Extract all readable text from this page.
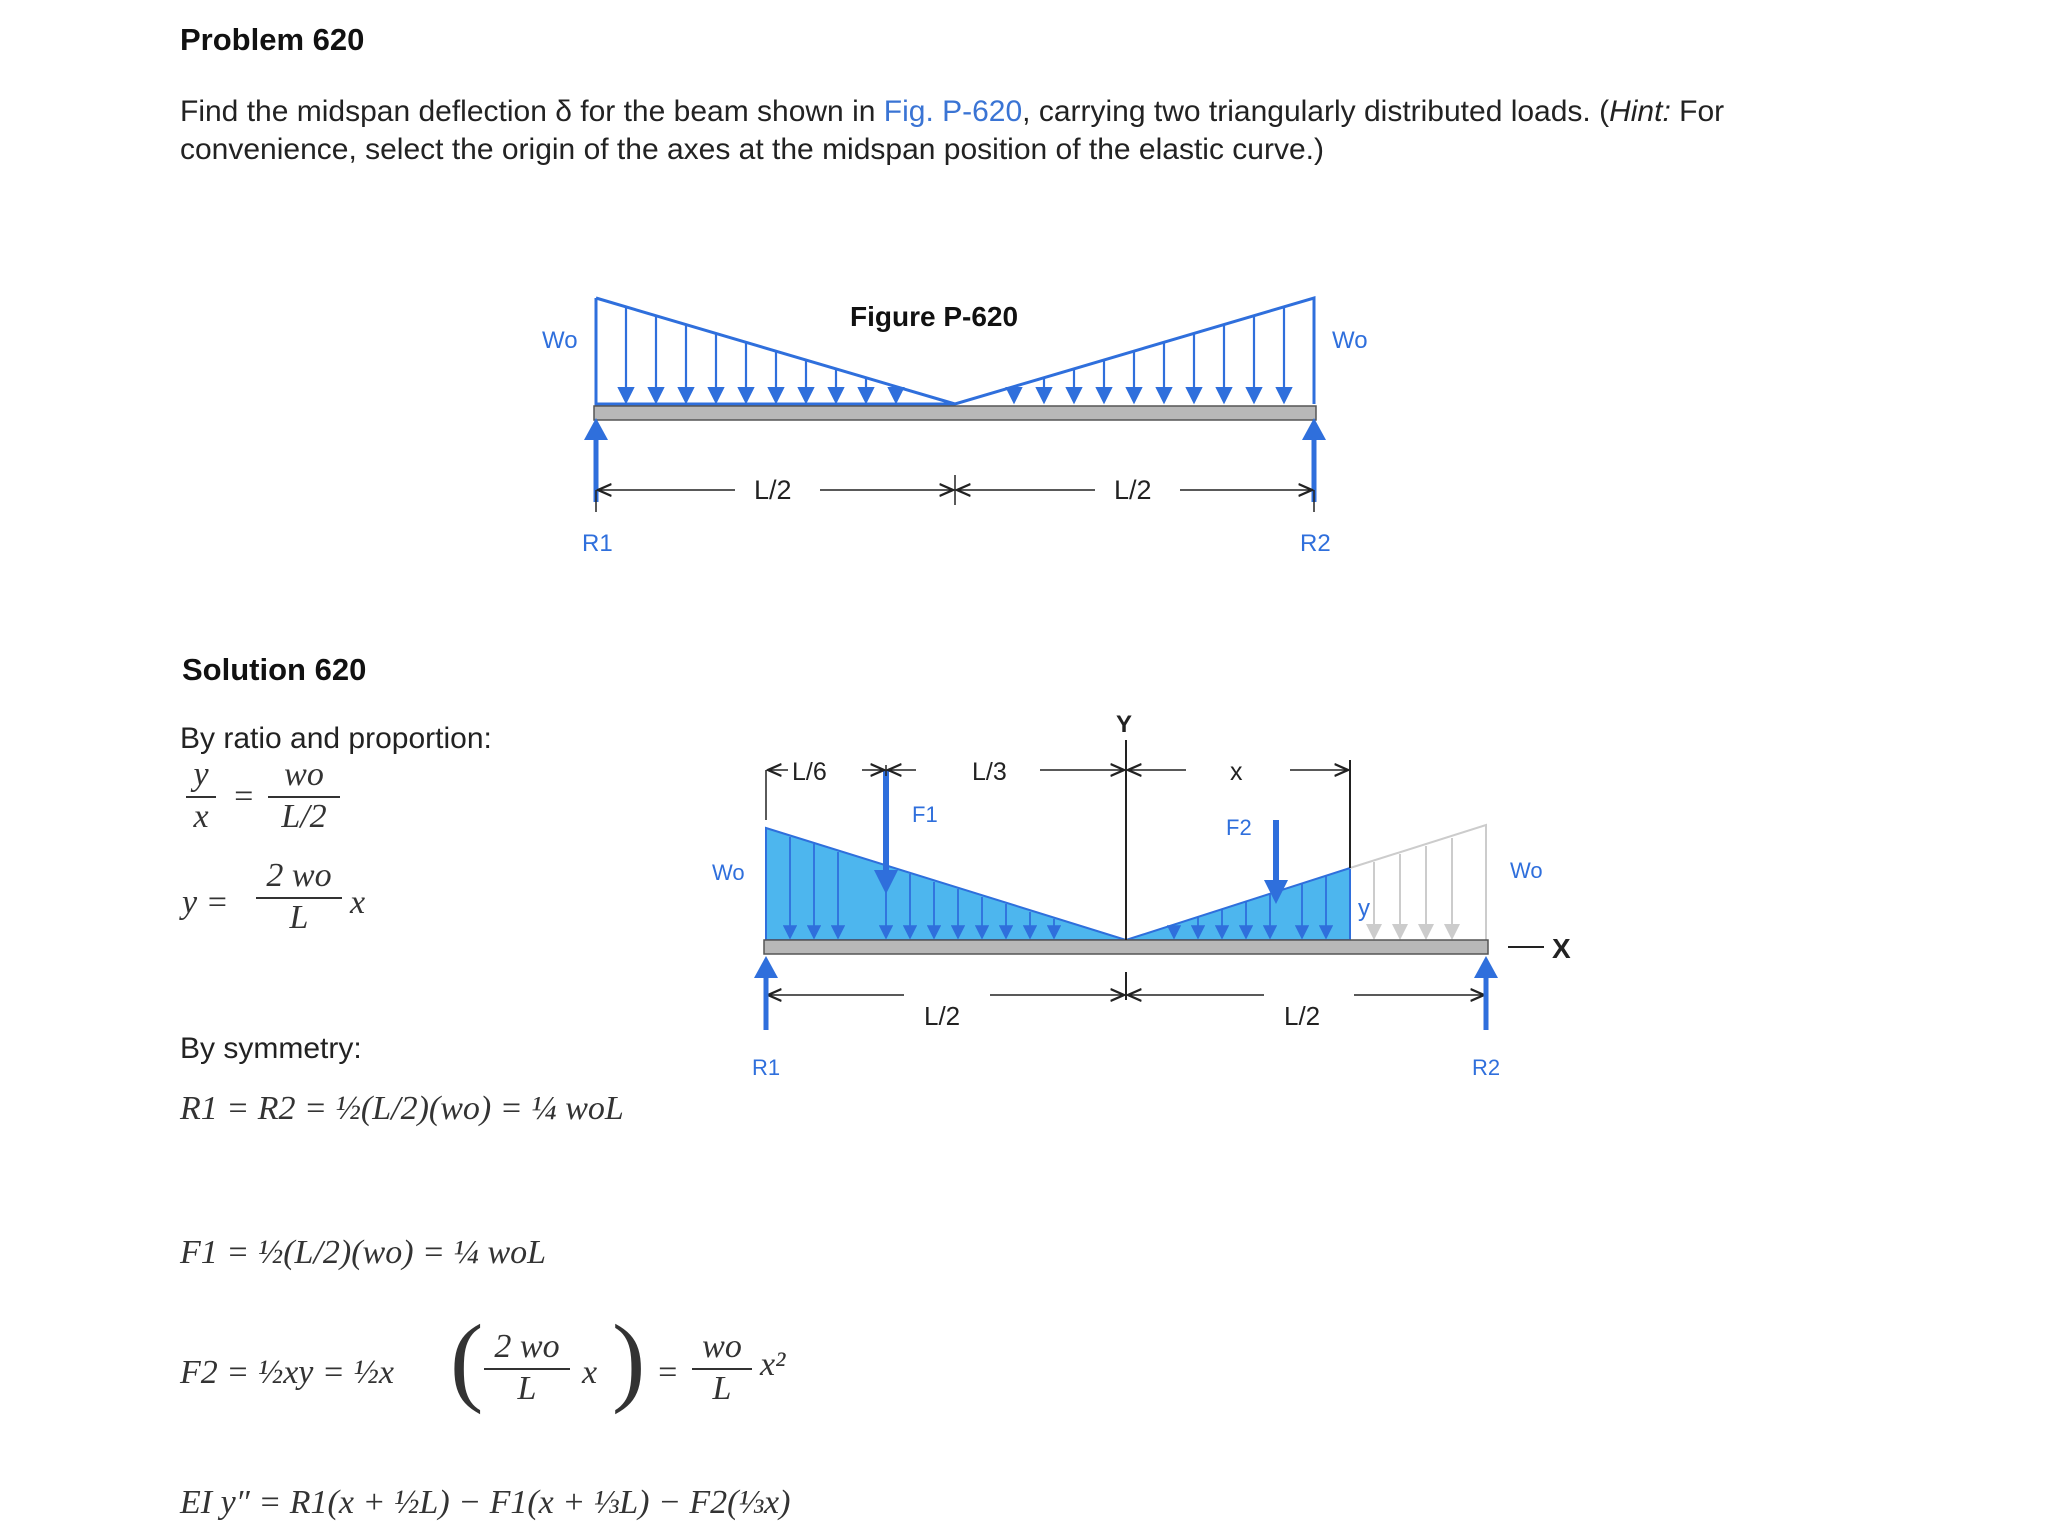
Problem 620
Find the midspan deflection δ for the beam shown in Fig. P-620, carrying two triangularly distributed loads. (Hint: For convenience, select the origin of the axes at the midspan position of the elastic curve.)
Figure P-620
Wo	Wo
L/2	L/2
R1	R2
Solution 620
By ratio and proportion:
$\frac{y}{x} = \frac{wo}{L/2}$
$y = \frac{2 wo}{L}$ x
By symmetry:
R1 = R2 = ½(L/2)(wo) = ¼ woL
F1 = ½(L/2)(wo) = ¼ woL
F2 = ½xy = ½x ( $\frac{2 wo}{L}$ x ) = $\frac{wo}{L} x^2$
EI y″ = R1(x + ½L) − F1(x + ⅓L) − F2(⅓x)
Y
X
L/6	L/3	x
F1
F2
Wo	Wo
y
L/2	L/2
R1	R2
